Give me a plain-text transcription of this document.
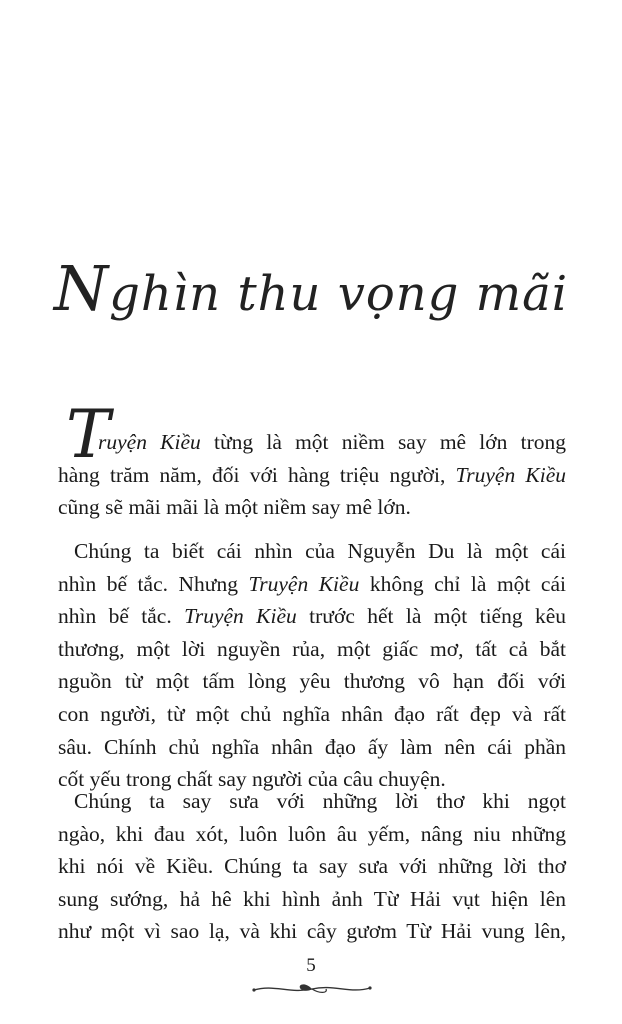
Nghìn thu vọng mãi
T
ruyện Kiều từng là một niềm say mê lớn trong
hàng trăm năm, đối với hàng triệu người, Truyện Kiều
cũng sẽ mãi mãi là một niềm say mê lớn.
Chúng ta biết cái nhìn của Nguyễn Du là một cái
nhìn bế tắc. Nhưng Truyện Kiều không chỉ là một cái
nhìn bế tắc. Truyện Kiều trước hết là một tiếng kêu
thương, một lời nguyền rủa, một giấc mơ, tất cả bắt
nguồn từ một tấm lòng yêu thương vô hạn đối với
con người, từ một chủ nghĩa nhân đạo rất đẹp và rất
sâu. Chính chủ nghĩa nhân đạo ấy làm nên cái phần
cốt yếu trong chất say người của câu chuyện.
Chúng ta say sưa với những lời thơ khi ngọt
ngào, khi đau xót, luôn luôn âu yếm, nâng niu những
khi nói về Kiều. Chúng ta say sưa với những lời thơ
sung sướng, hả hê khi hình ảnh Từ Hải vụt hiện lên
như một vì sao lạ, và khi cây gươm Từ Hải vung lên,
5
